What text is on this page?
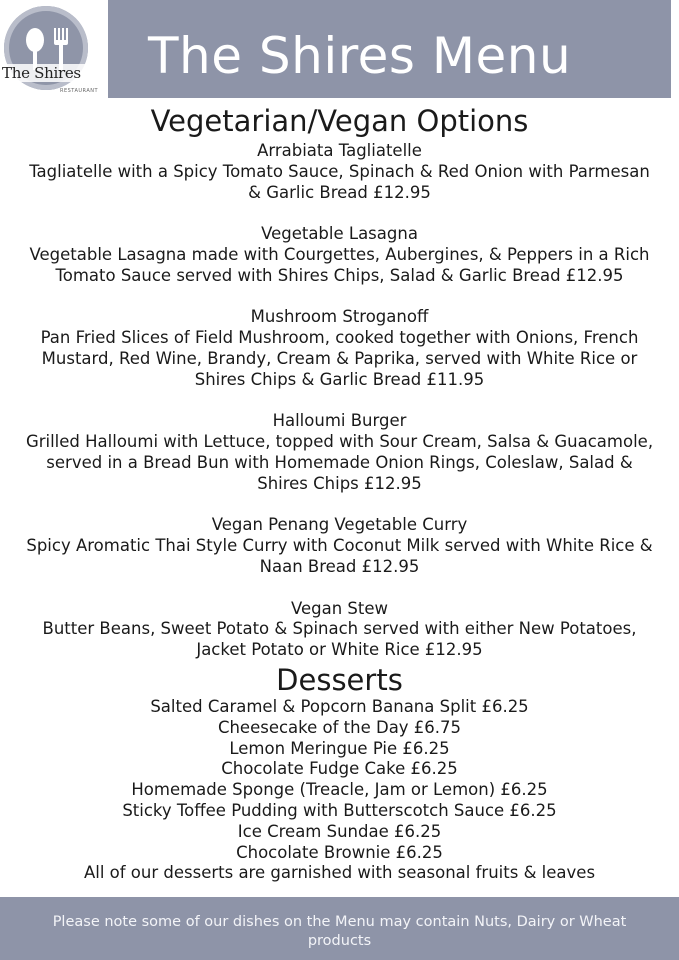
The Shires
RESTAURANT
The Shires Menu
Vegetarian/Vegan Options
Arrabiata Tagliatelle
Tagliatelle with a Spicy Tomato Sauce, Spinach & Red Onion with Parmesan
& Garlic Bread £12.95
Vegetable Lasagna
Vegetable Lasagna made with Courgettes, Aubergines, & Peppers in a Rich
Tomato Sauce served with Shires Chips, Salad & Garlic Bread £12.95
Mushroom Stroganoff
Pan Fried Slices of Field Mushroom, cooked together with Onions, French
Mustard, Red Wine, Brandy, Cream & Paprika, served with White Rice or
Shires Chips & Garlic Bread £11.95
Halloumi Burger
Grilled Halloumi with Lettuce, topped with Sour Cream, Salsa & Guacamole,
served in a Bread Bun with Homemade Onion Rings, Coleslaw, Salad &
Shires Chips £12.95
Vegan Penang Vegetable Curry
Spicy Aromatic Thai Style Curry with Coconut Milk served with White Rice &
Naan Bread £12.95
Vegan Stew
Butter Beans, Sweet Potato & Spinach served with either New Potatoes,
Jacket Potato or White Rice £12.95
Desserts
Salted Caramel & Popcorn Banana Split £6.25
Cheesecake of the Day £6.75
Lemon Meringue Pie £6.25
Chocolate Fudge Cake £6.25
Homemade Sponge (Treacle, Jam or Lemon) £6.25
Sticky Toffee Pudding with Butterscotch Sauce £6.25
Ice Cream Sundae £6.25
Chocolate Brownie £6.25
All of our desserts are garnished with seasonal fruits & leaves
Please note some of our dishes on the Menu may contain Nuts, Dairy or Wheat products
